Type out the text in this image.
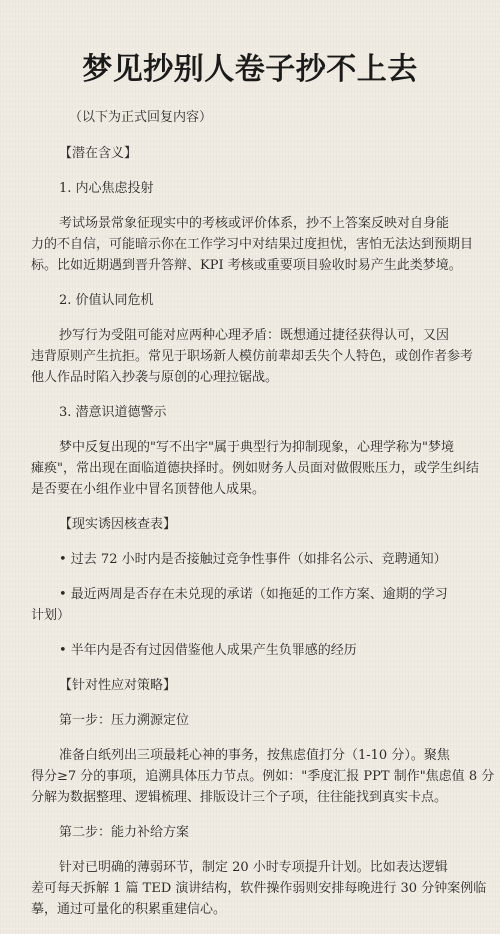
梦见抄别人卷子抄不上去
（以下为正式回复内容）
【潜在含义】
1. 内心焦虑投射
考试场景常象征现实中的考核或评价体系，抄不上答案反映对自身能
力的不自信，可能暗示你在工作学习中对结果过度担忧，害怕无法达到预期目
标。比如近期遇到晋升答辩、KPI 考核或重要项目验收时易产生此类梦境。
2. 价值认同危机
抄写行为受阻可能对应两种心理矛盾：既想通过捷径获得认可，又因
违背原则产生抗拒。常见于职场新人模仿前辈却丢失个人特色，或创作者参考
他人作品时陷入抄袭与原创的心理拉锯战。
3. 潜意识道德警示
梦中反复出现的"写不出字"属于典型行为抑制现象，心理学称为"梦境
瘫痪"，常出现在面临道德抉择时。例如财务人员面对做假账压力，或学生纠结
是否要在小组作业中冒名顶替他人成果。
【现实诱因核查表】
• 过去 72 小时内是否接触过竞争性事件（如排名公示、竞聘通知）
• 最近两周是否存在未兑现的承诺（如拖延的工作方案、逾期的学习
计划）
• 半年内是否有过因借鉴他人成果产生负罪感的经历
【针对性应对策略】
第一步：压力溯源定位
准备白纸列出三项最耗心神的事务，按焦虑值打分（1-10 分）。聚焦
得分≥7 分的事项，追溯具体压力节点。例如："季度汇报 PPT 制作"焦虑值 8 分
分解为数据整理、逻辑梳理、排版设计三个子项，往往能找到真实卡点。
第二步：能力补给方案
针对已明确的薄弱环节，制定 20 小时专项提升计划。比如表达逻辑
差可每天拆解 1 篇 TED 演讲结构，软件操作弱则安排每晚进行 30 分钟案例临
摹，通过可量化的积累重建信心。
